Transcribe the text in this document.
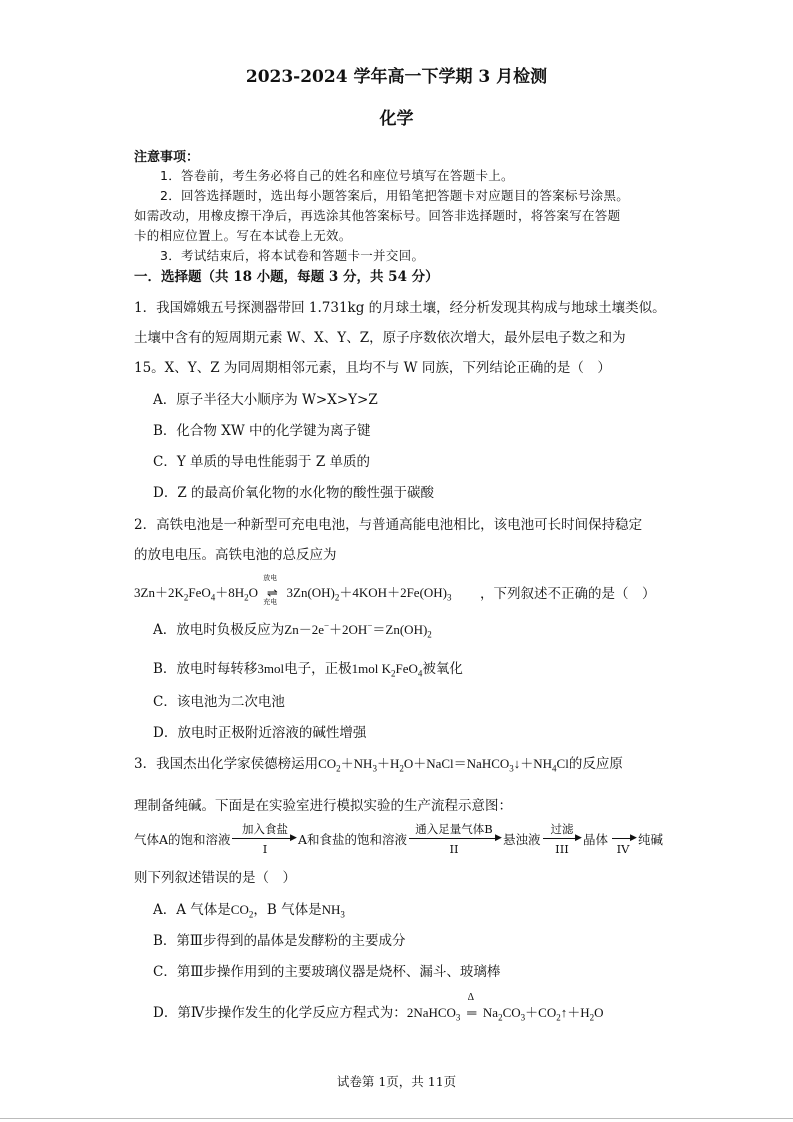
2023-2024 学年高一下学期 3 月检测
化学
注意事项：
1．答卷前，考生务必将自己的姓名和座位号填写在答题卡上。
2．回答选择题时，选出每小题答案后，用铅笔把答题卡对应题目的答案标号涂黑。
如需改动，用橡皮擦干净后，再选涂其他答案标号。回答非选择题时，将答案写在答题
卡的相应位置上。写在本试卷上无效。
3．考试结束后，将本试卷和答题卡一并交回。
一．选择题（共 18 小题，每题 3 分，共 54 分）
1．我国嫦娥五号探测器带回 1.731kg 的月球土壤，经分析发现其构成与地球土壤类似。
土壤中含有的短周期元素 W、X、Y、Z，原子序数依次增大，最外层电子数之和为
15。X、Y、Z 为同周期相邻元素，且均不与 W 同族，下列结论正确的是（　）
A．原子半径大小顺序为 W>X>Y>Z
B．化合物 XW 中的化学键为离子键
C．Y 单质的导电性能弱于 Z 单质的
D．Z 的最高价氧化物的水化物的酸性强于碳酸
2．高铁电池是一种新型可充电电池，与普通高能电池相比，该电池可长时间保持稳定
的放电电压。高铁电池的总反应为
$3Zn+2K_2FeO_4+8H_2O$
放电
⇌
充电
$3Zn(OH)_2+4KOH+2Fe(OH)_3$ ，下列叙述不正确的是（　）
A．放电时负极反应为$Zn-2e^-+2OH^-=Zn(OH)_2$
B．放电时每转移3mol电子，正极1mol $K_2FeO_4$被氧化
C．该电池为二次电池
D．放电时正极附近溶液的碱性增强
3．我国杰出化学家侯德榜运用$CO_2+NH_3+H_2O+NaCl=NaHCO_3↓+NH_4Cl$的反应原
理制备纯碱。下面是在实验室进行模拟实验的生产流程示意图：
气体A的饱和溶液
加入食盐
▶
I
A和食盐的饱和溶液
通入足量气体B
▶
II
悬浊液
过滤
▶
III
晶体 ▶
IV
纯碱
则下列叙述错误的是（　）
A．A 气体是$CO_2$，B 气体是$NH_3$
B．第Ⅲ步得到的晶体是发酵粉的主要成分
C．第Ⅲ步操作用到的主要玻璃仪器是烧杯、漏斗、玻璃棒
D．第Ⅳ步操作发生的化学反应方程式为：2NaHCO$_3$
Δ
═ $Na_2CO_3+CO_2↑+H_2O$
试卷第 1页，共 11页
